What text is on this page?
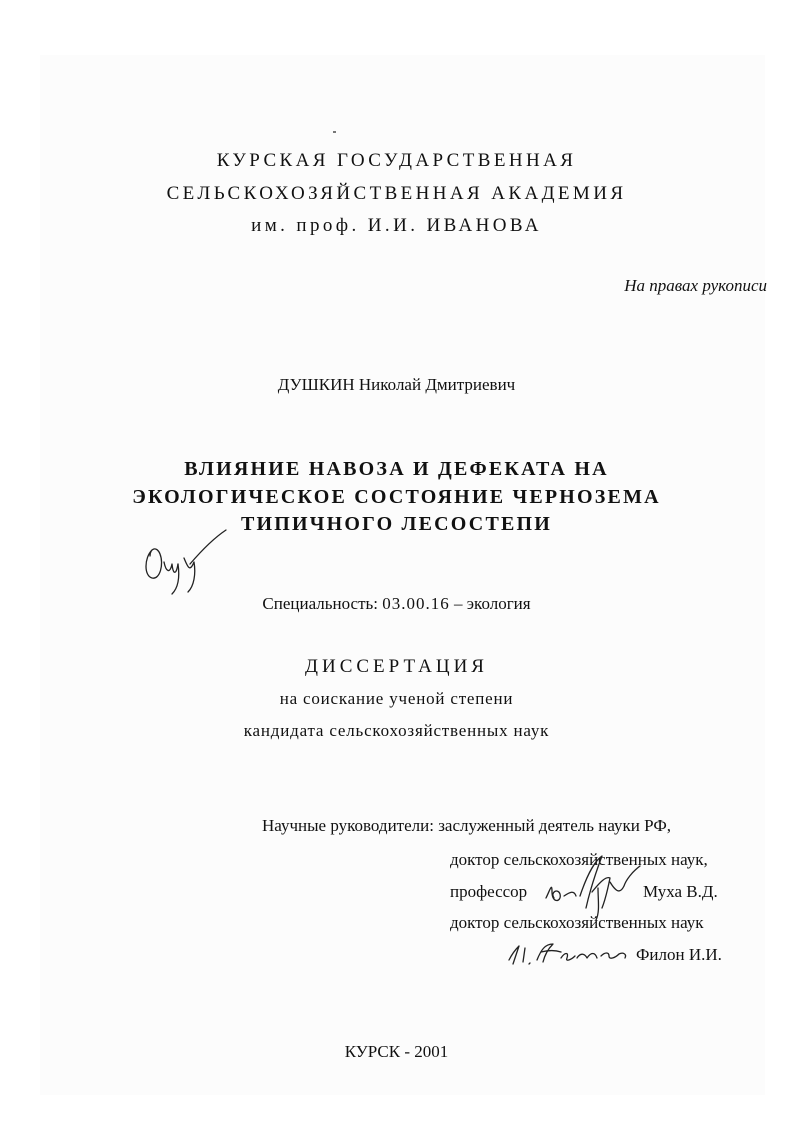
КУРСКАЯ ГОСУДАРСТВЕННАЯ
СЕЛЬСКОХОЗЯЙСТВЕННАЯ АКАДЕМИЯ
им. проф. И.И. ИВАНОВА
На правах рукописи
ДУШКИН Николай Дмитриевич
ВЛИЯНИЕ НАВОЗА И ДЕФЕКАТА НА
ЭКОЛОГИЧЕСКОЕ СОСТОЯНИЕ ЧЕРНОЗЕМА
ТИПИЧНОГО ЛЕСОСТЕПИ
Специальность: 03.00.16 – экология
ДИССЕРТАЦИЯ
на соискание ученой степени
кандидата сельскохозяйственных наук
Научные руководители: заслуженный деятель науки РФ,
доктор сельскохозяйственных наук,
профессор	Муха В.Д.
доктор сельскохозяйственных наук
Филон И.И.
КУРСК - 2001
